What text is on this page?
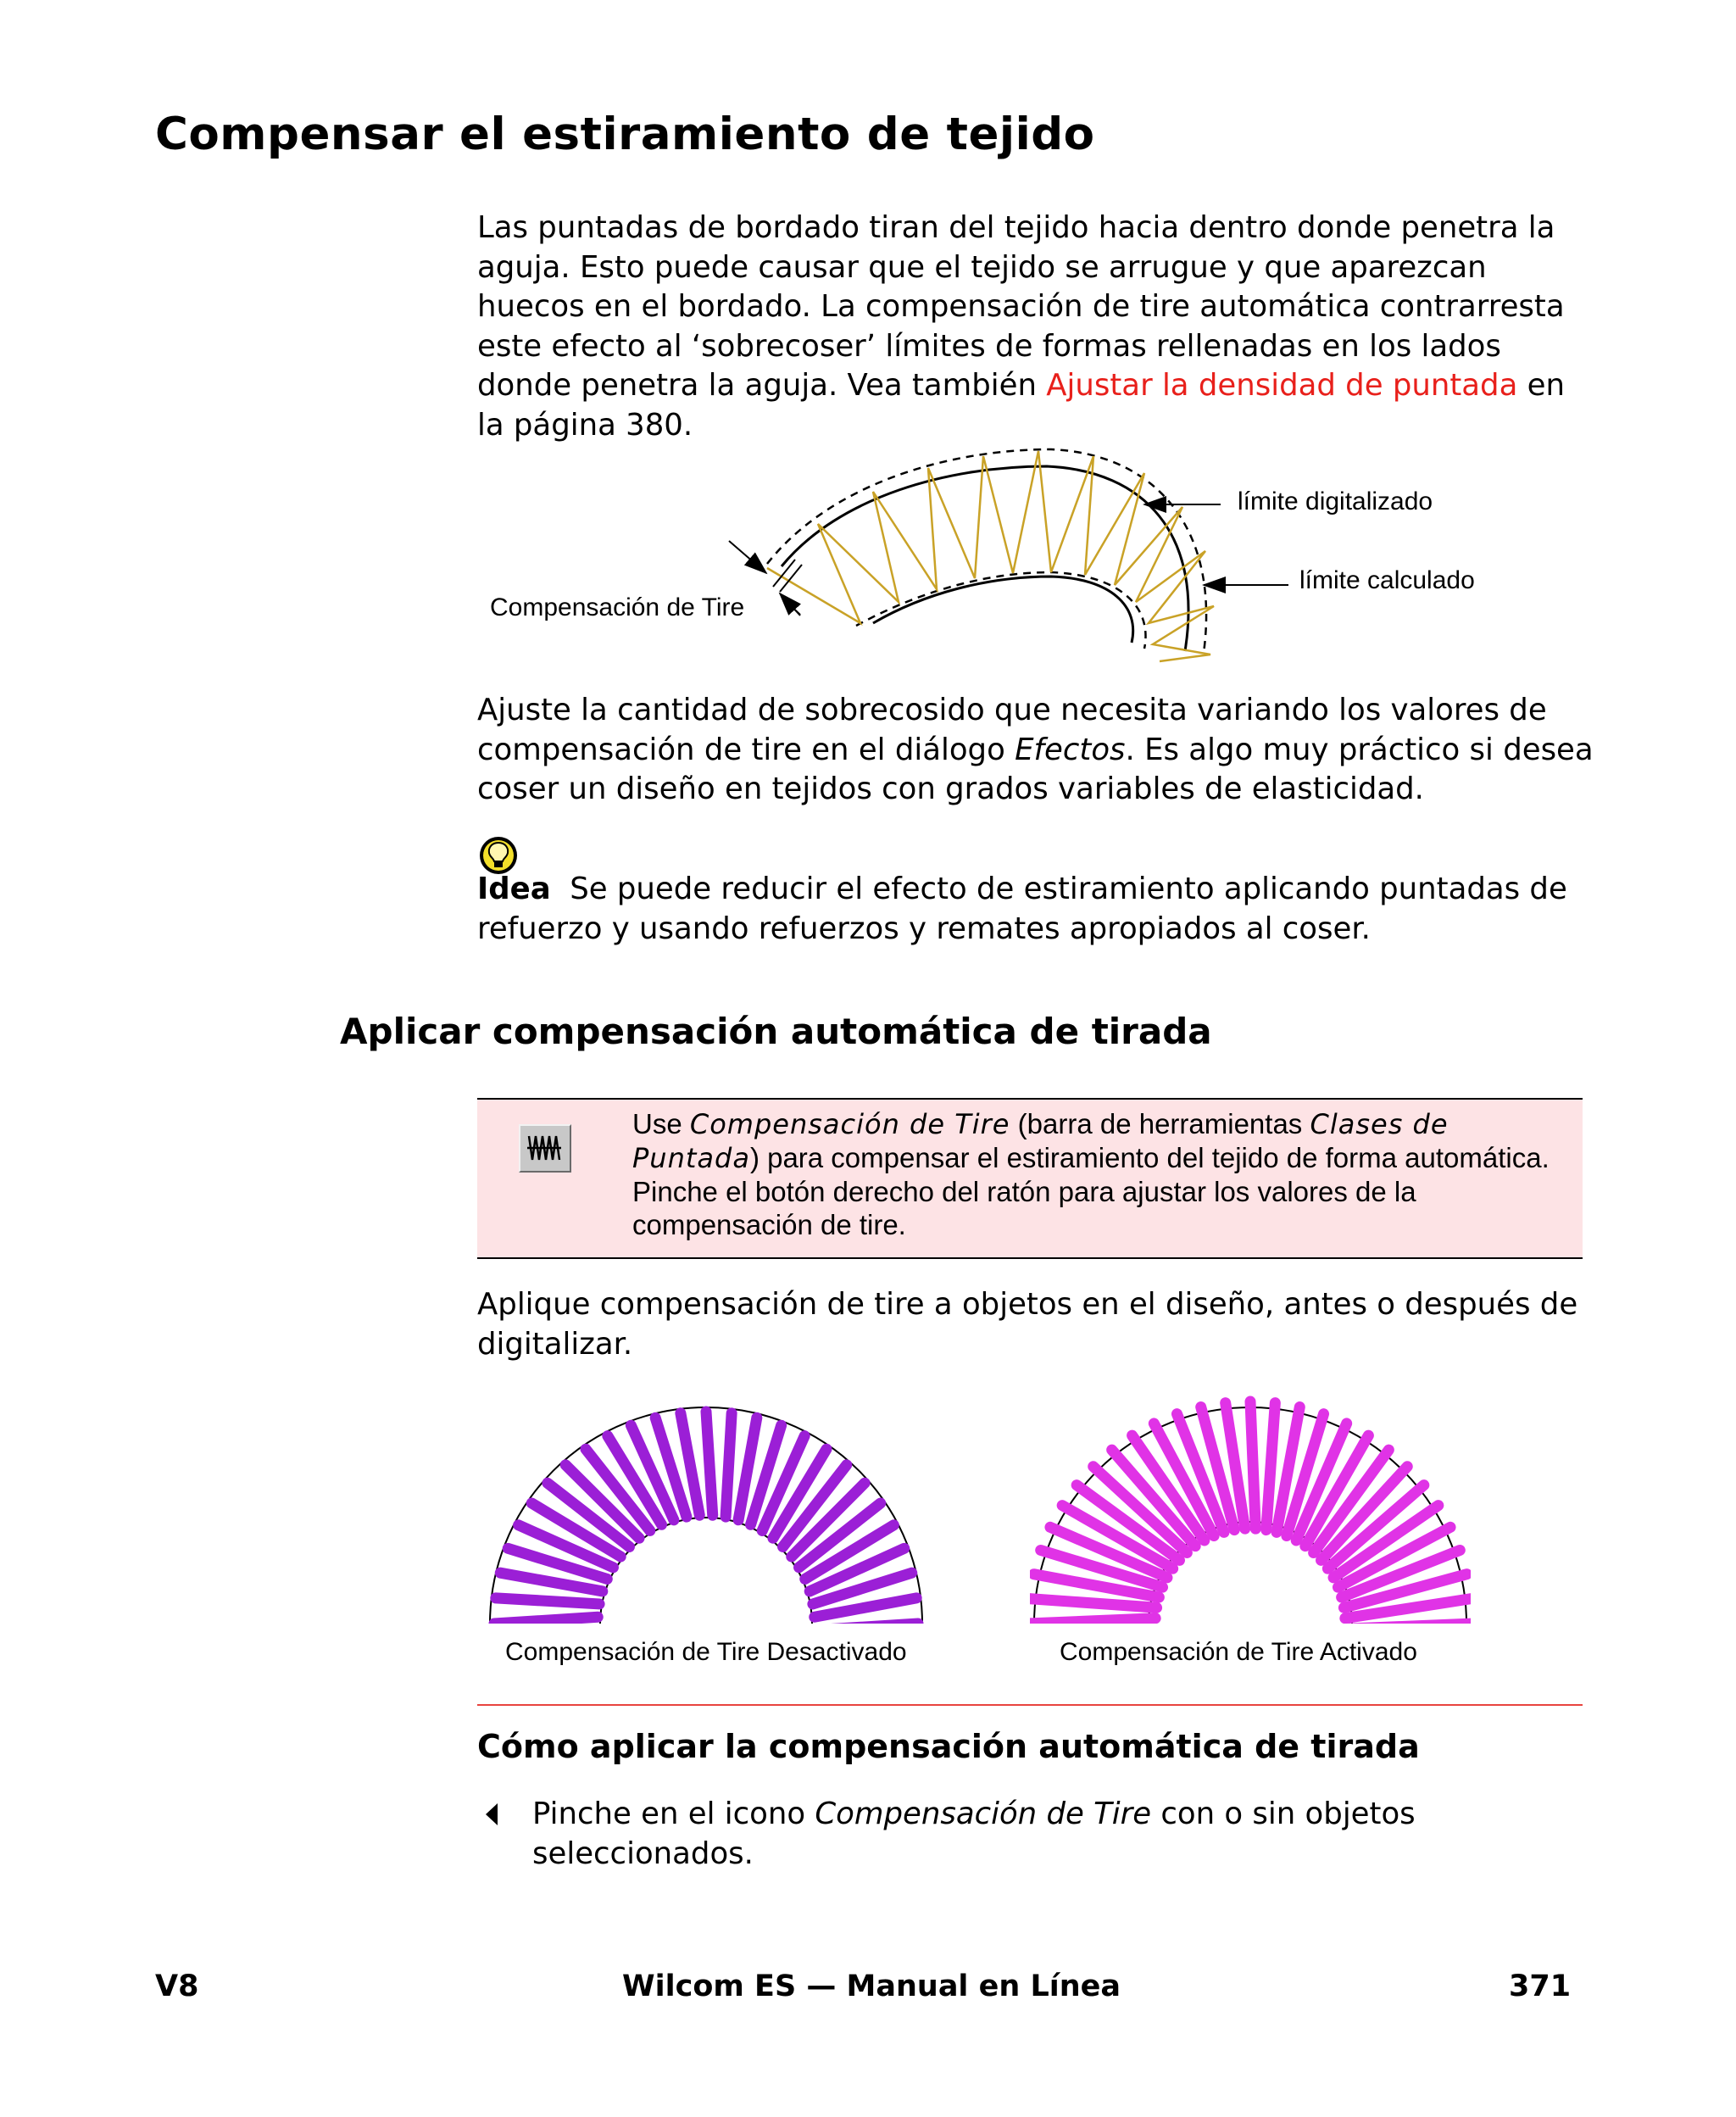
Compensar el estiramiento de tejido

Las puntadas de bordado tiran del tejido hacia dentro donde penetra la aguja. Esto puede causar que el tejido se arrugue y que aparezcan huecos en el bordado. La compensación de tire automática contrarresta este efecto al ‘sobrecoser’ límites de formas rellenadas en los lados donde penetra la aguja. Vea también Ajustar la densidad de puntada en la página 380.

límite digitalizado
límite calculado
Compensación de Tire

Ajuste la cantidad de sobrecosido que necesita variando los valores de compensación de tire en el diálogo Efectos. Es algo muy práctico si desea coser un diseño en tejidos con grados variables de elasticidad.

Idea Se puede reducir el efecto de estiramiento aplicando puntadas de refuerzo y usando refuerzos y remates apropiados al coser.

Aplicar compensación automática de tirada

Use Compensación de Tire (barra de herramientas Clases de Puntada) para compensar el estiramiento del tejido de forma automática. Pinche el botón derecho del ratón para ajustar los valores de la compensación de tire.

Aplique compensación de tire a objetos en el diseño, antes o después de digitalizar.

Compensación de Tire Desactivado	Compensación de Tire Activado
Cómo aplicar la compensación automática de tirada

Pinche en el icono Compensación de Tire con o sin objetos seleccionados.

V8	Wilcom ES — Manual en Línea	371
